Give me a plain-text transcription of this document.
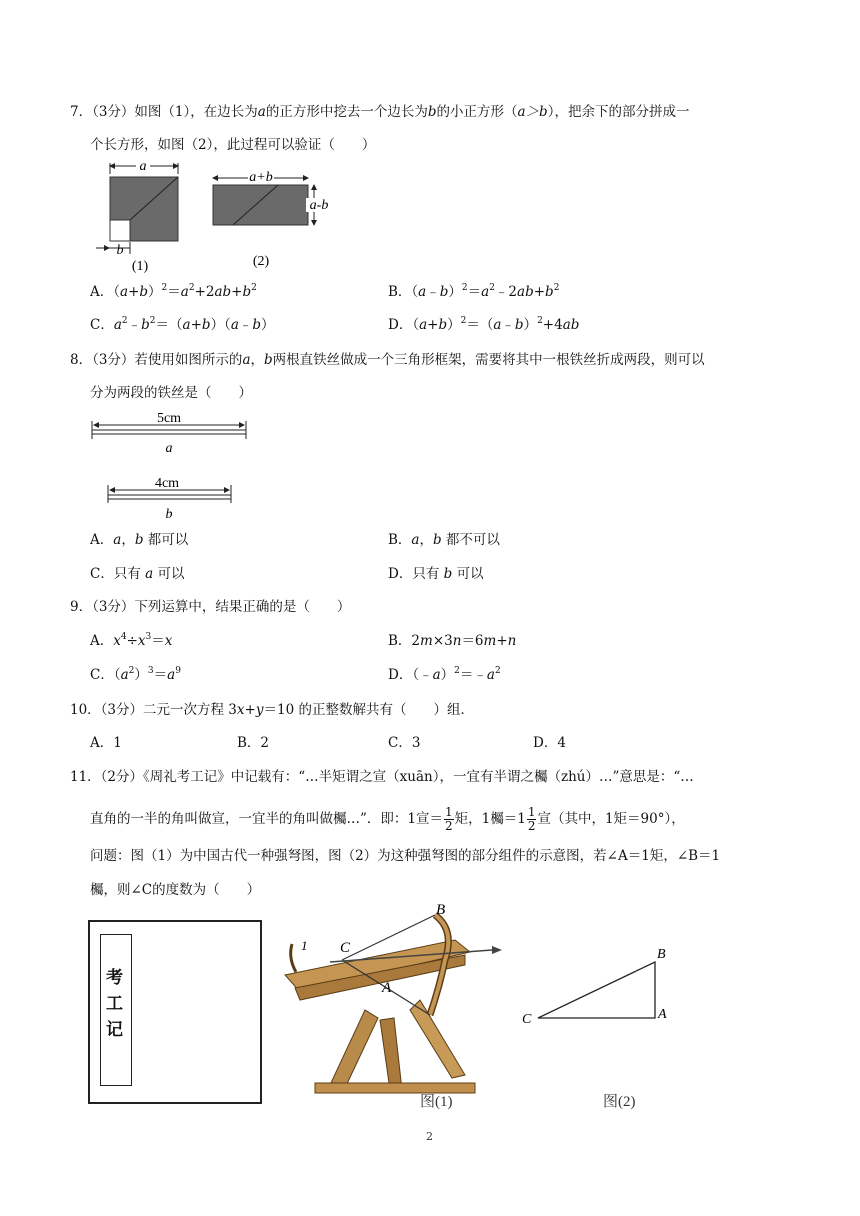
7．（3分）如图（1），在边长为a的正方形中挖去一个边长为b的小正方形（a＞b），把余下的部分拼成一
个长方形，如图（2），此过程可以验证（　　）
a
b
(1)
a+b
a-b
(2)
A．$(a+b)^2=a^2+2ab+b^2$	B．$(a﹣b)^2=a^2﹣2ab+b^2$
C．$a^2﹣b^2=(a+b)(a﹣b)$	D．$(a+b)^2=(a﹣b)^2+4ab$
8．（3分）若使用如图所示的a，b两根直铁丝做成一个三角形框架，需要将其中一根铁丝折成两段，则可以
分为两段的铁丝是（　　）
5cm
a
4cm
b
A．a，b 都可以	B．a，b 都不可以
C．只有 a 可以	D．只有 b 可以
9．（3分）下列运算中，结果正确的是（　　）
A．$x^4\div x^3=x$	B．2m×3n＝6m+n
C．$(a^2)^3=a^9$	D．$(﹣a)^2=﹣a^2$
10．（3分）二元一次方程 3x+y＝10 的正整数解共有（　　）组．
A．1	B．2	C．3	D．4
11．（2分）《周礼考工记》中记载有：“…半矩谓之宣（xuān），一宜有半谓之欘（zhú）…”意思是：“…
直角的一半的角叫做宣，一宜半的角叫做欘…”．即：1宣＝ $\frac{1}{2}$ 矩，1欘$=1 \frac{1}{2}$ 宣（其中，1矩＝90°），
问题：图（1）为中国古代一种强弩图，图（2）为这种强弩图的部分组件的示意图，若∠A＝1矩，∠B＝1
欘，则∠C的度数为（　　）
考工记
B
C
A
1
图(1)
B
C	A
图(2)
2
